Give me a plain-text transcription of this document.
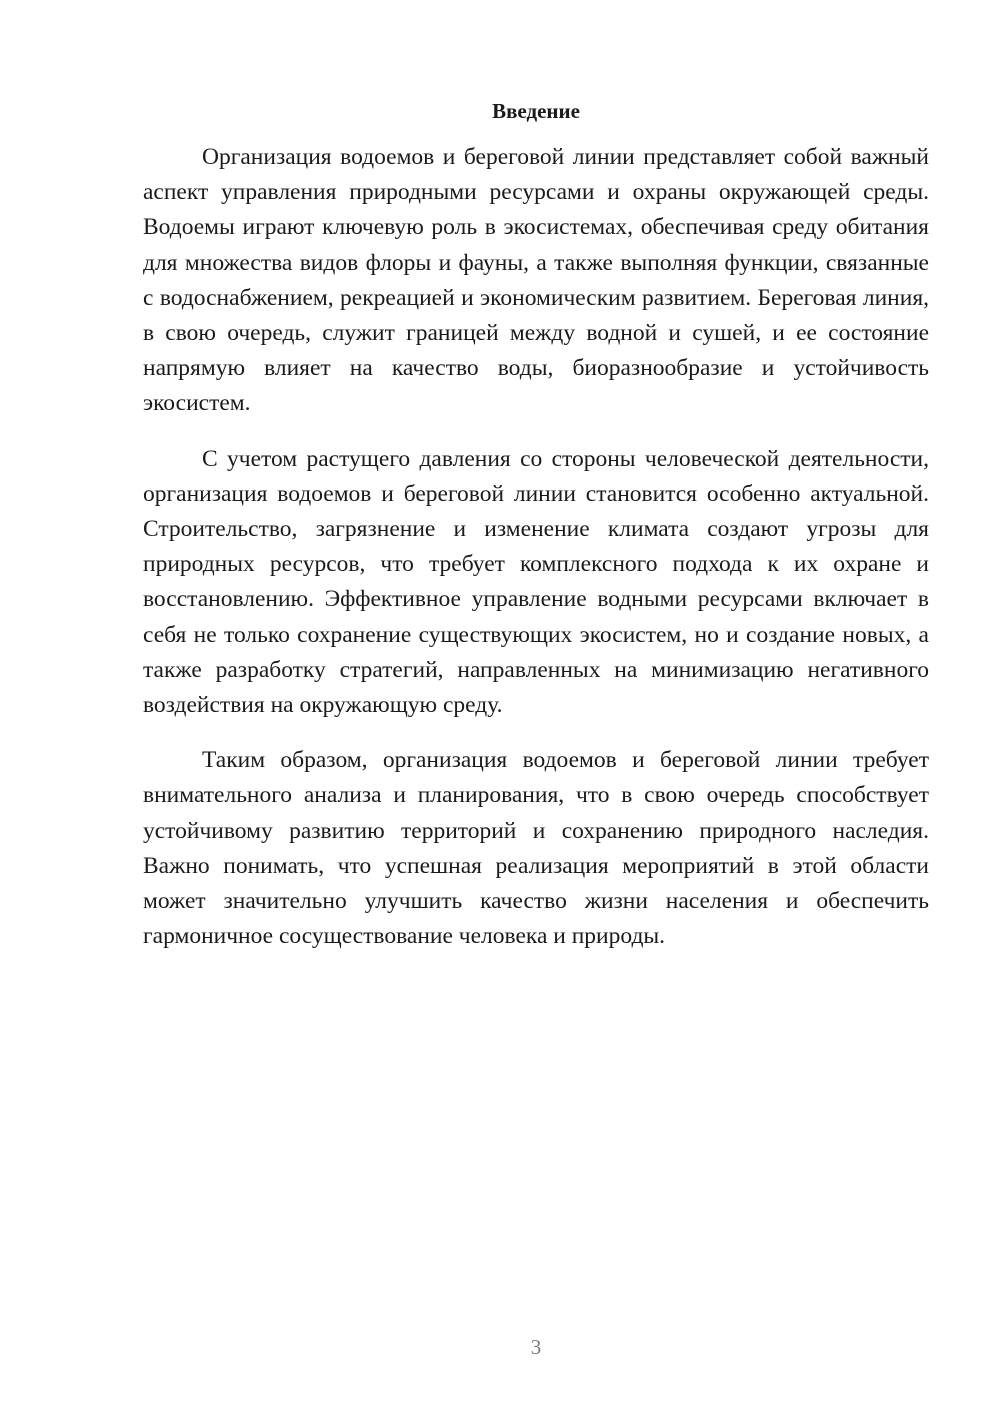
Введение

Организация водоемов и береговой линии представляет собой важный аспект управления природными ресурсами и охраны окружающей среды. Водоемы играют ключевую роль в экосистемах, обеспечивая среду обитания для множества видов флоры и фауны, а также выполняя функции, связанные с водоснабжением, рекреацией и экономическим развитием. Береговая линия, в свою очередь, служит границей между водной и сушей, и ее состояние напрямую влияет на качество воды, биоразнообразие и устойчивость экосистем.

С учетом растущего давления со стороны человеческой деятельности, организация водоемов и береговой линии становится особенно актуальной. Строительство, загрязнение и изменение климата создают угрозы для природных ресурсов, что требует комплексного подхода к их охране и восстановлению. Эффективное управление водными ресурсами включает в себя не только сохранение существующих экосистем, но и создание новых, а также разработку стратегий, направленных на минимизацию негативного воздействия на окружающую среду.

Таким образом, организация водоемов и береговой линии требует внимательного анализа и планирования, что в свою очередь способствует устойчивому развитию территорий и сохранению природного наследия. Важно понимать, что успешная реализация мероприятий в этой области может значительно улучшить качество жизни населения и обеспечить гармоничное сосуществование человека и природы.

3
